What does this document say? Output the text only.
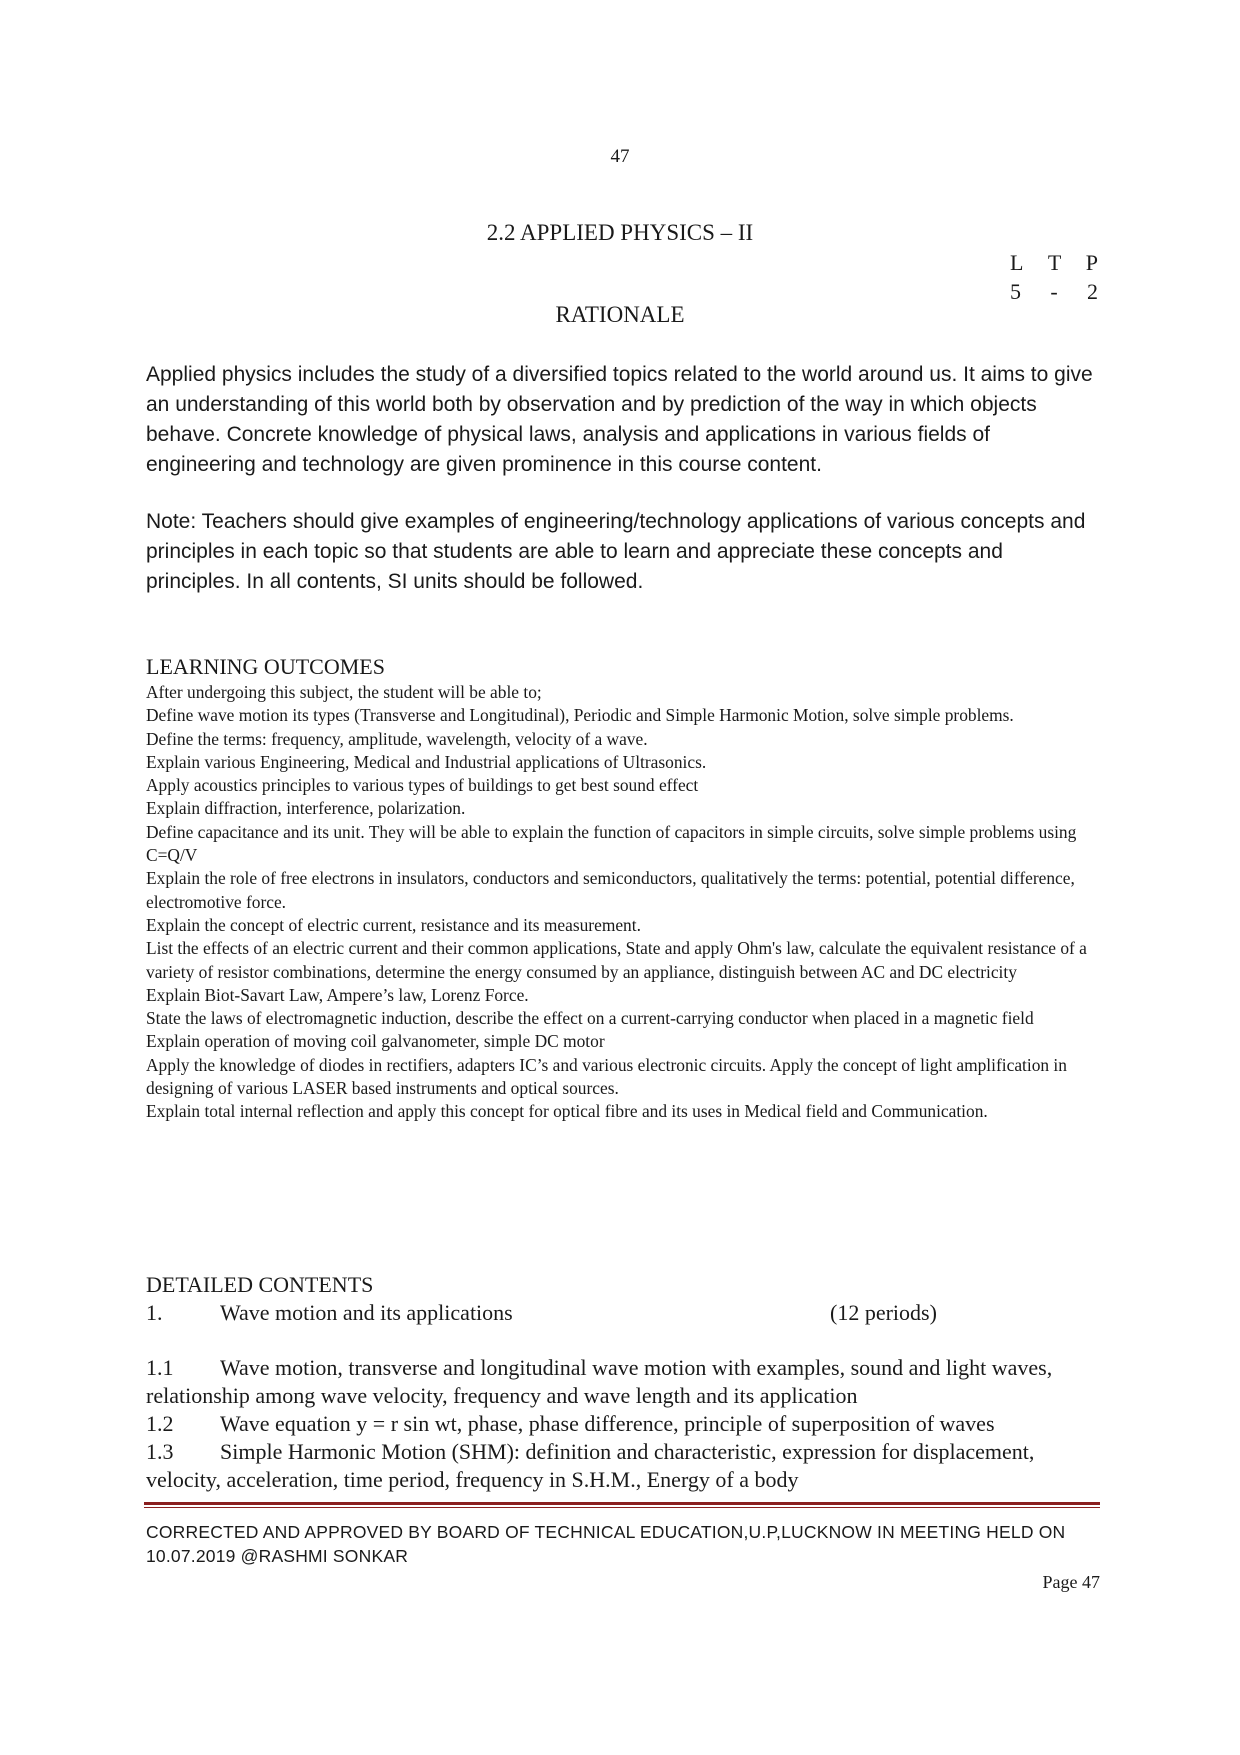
47
2.2 APPLIED PHYSICS – II
L T P
5 - 2
RATIONALE

Applied physics includes the study of a diversified topics related to the world around us. It aims to give an understanding of this world both by observation and by prediction of the way in which objects behave. Concrete knowledge of physical laws, analysis and applications in various fields of engineering and technology are given prominence in this course content.

Note: Teachers should give examples of engineering/technology applications of various concepts and principles in each topic so that students are able to learn and appreciate these concepts and principles. In all contents, SI units should be followed.

LEARNING OUTCOMES

After undergoing this subject, the student will be able to;

Define wave motion its types (Transverse and Longitudinal), Periodic and Simple Harmonic Motion, solve simple problems.

Define the terms: frequency, amplitude, wavelength, velocity of a wave.

Explain various Engineering, Medical and Industrial applications of Ultrasonics.

Apply acoustics principles to various types of buildings to get best sound effect

Explain diffraction, interference, polarization.

Define capacitance and its unit. They will be able to explain the function of capacitors in simple circuits, solve simple problems using C=Q/V

Explain the role of free electrons in insulators, conductors and semiconductors, qualitatively the terms: potential, potential difference, electromotive force.

Explain the concept of electric current, resistance and its measurement.

List the effects of an electric current and their common applications, State and apply Ohm's law, calculate the equivalent resistance of a variety of resistor combinations, determine the energy consumed by an appliance, distinguish between AC and DC electricity

Explain Biot-Savart Law, Ampere’s law, Lorenz Force.

State the laws of electromagnetic induction, describe the effect on a current-carrying conductor when placed in a magnetic field

Explain operation of moving coil galvanometer, simple DC motor

Apply the knowledge of diodes in rectifiers, adapters IC’s and various electronic circuits. Apply the concept of light amplification in designing of various LASER based instruments and optical sources.

Explain total internal reflection and apply this concept for optical fibre and its uses in Medical field and Communication.

DETAILED CONTENTS
1.	Wave motion and its applications	(12 periods)

1.1 Wave motion, transverse and longitudinal wave motion with examples, sound and light waves, relationship among wave velocity, frequency and wave length and its application

1.2 Wave equation y = r sin wt, phase, phase difference, principle of superposition of waves

1.3 Simple Harmonic Motion (SHM): definition and characteristic, expression for displacement, velocity, acceleration, time period, frequency in S.H.M., Energy of a body

CORRECTED AND APPROVED BY BOARD OF TECHNICAL EDUCATION,U.P,LUCKNOW IN MEETING HELD ON
10.07.2019 @RASHMI SONKAR
Page 47
